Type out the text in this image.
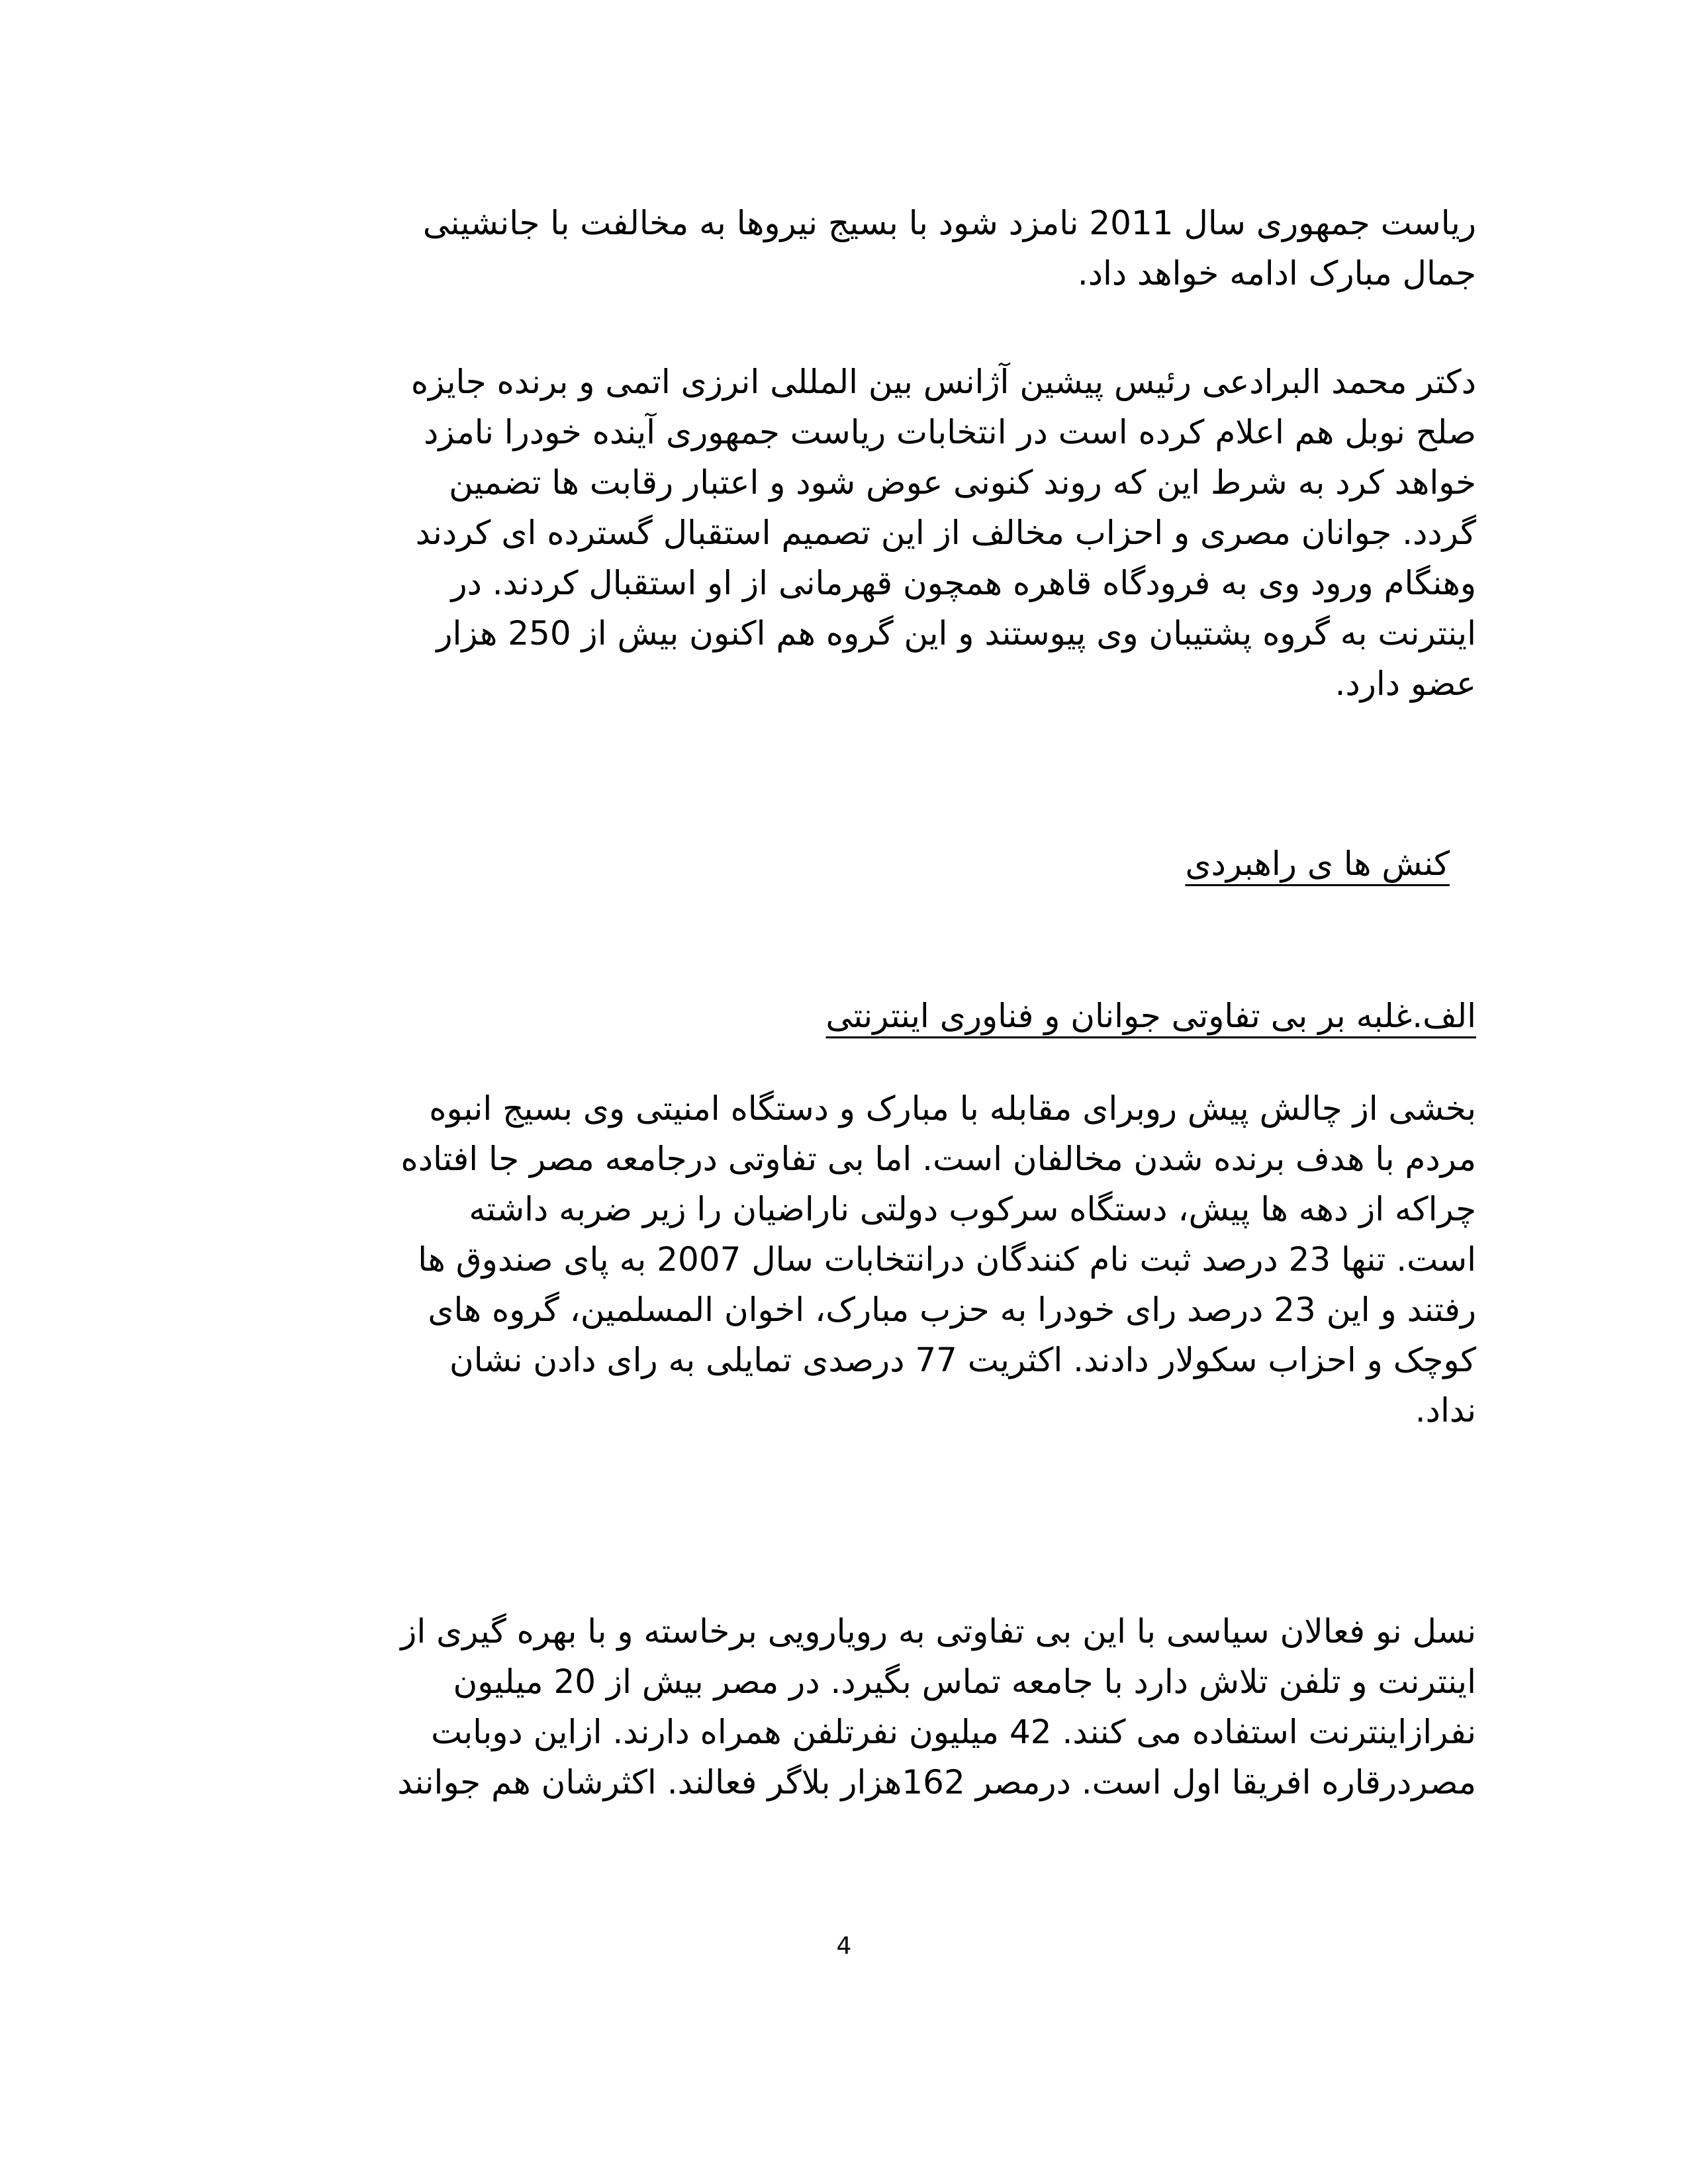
ریاست جمهوری سال 2011 نامزد شود با بسیج نیروها به مخالفت با جانشینی
جمال مبارک ادامه خواهد داد.
دکتر محمد البرادعی رئیس پیشین آژانس بین المللی انرزی اتمی و برنده جایزه
صلح نوبل هم اعلام کرده است در انتخابات ریاست جمهوری آینده خودرا نامزد
خواهد کرد به شرط این که روند کنونی عوض شود و اعتبار رقابت ها تضمین
گردد. جوانان مصری و احزاب مخالف از این تصمیم استقبال گسترده ای کردند
وهنگام ورود وی به فرودگاه قاهره همچون قهرمانی از او استقبال کردند. در
اینترنت به گروه پشتیبان وی پیوستند و این گروه هم اکنون بیش از 250 هزار
عضو دارد.
کنش ها ی راهبردی
الف.غلبه بر بی تفاوتی جوانان و فناوری اینترنتی
بخشی از چالش پیش روبرای مقابله با مبارک و دستگاه امنیتی وی بسیج انبوه
مردم با هدف برنده شدن مخالفان است. اما بی تفاوتی درجامعه مصر جا افتاده
چراکه از دهه ها پیش، دستگاه سرکوب دولتی ناراضیان را زیر ضربه داشته
است. تنها 23 درصد ثبت نام کنندگان درانتخابات سال 2007 به پای صندوق ها
رفتند و این 23 درصد رای خودرا به حزب مبارک، اخوان المسلمین، گروه های
کوچک و احزاب سکولار دادند. اکثریت 77 درصدی تمایلی به رای دادن نشان
نداد.
نسل نو فعالان سیاسی با این بی تفاوتی به رویارویی برخاسته و با بهره گیری از
اینترنت و تلفن تلاش دارد با جامعه تماس بگیرد. در مصر بیش از 20 میلیون
نفرازاینترنت استفاده می کنند. 42 میلیون نفرتلفن همراه دارند. ازاین دوبابت
مصردرقاره افریقا اول است. درمصر 162هزار بلاگر فعالند. اکثرشان هم جوانند
4
